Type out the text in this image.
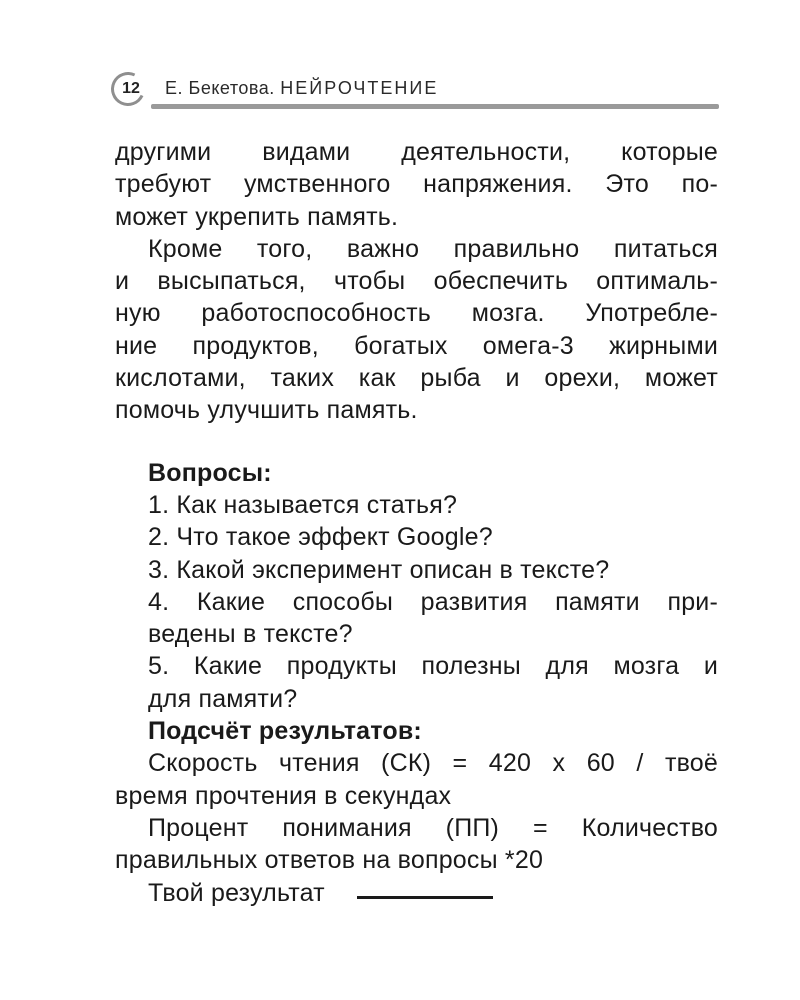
12	Е. Бекетова. НЕЙРОЧТЕНИЕ
другими видами деятельности, которые
требуют умственного напряжения. Это по-
может укрепить память.
Кроме того, важно правильно питаться
и высыпаться, чтобы обеспечить оптималь-
ную работоспособность мозга. Употребле-
ние продуктов, богатых омега-3 жирными
кислотами, таких как рыба и орехи, может
помочь улучшить память.
Вопросы:
1. Как называется статья?
2. Что такое эффект Google?
3. Какой эксперимент описан в тексте?
4. Какие способы развития памяти при-
ведены в тексте?
5. Какие продукты полезны для мозга и
для памяти?
Подсчёт результатов:
Скорость чтения (СК) = 420 х 60 / твоё
время прочтения в секундах
Процент понимания (ПП) = Количество
правильных ответов на вопросы *20
Твой результат
